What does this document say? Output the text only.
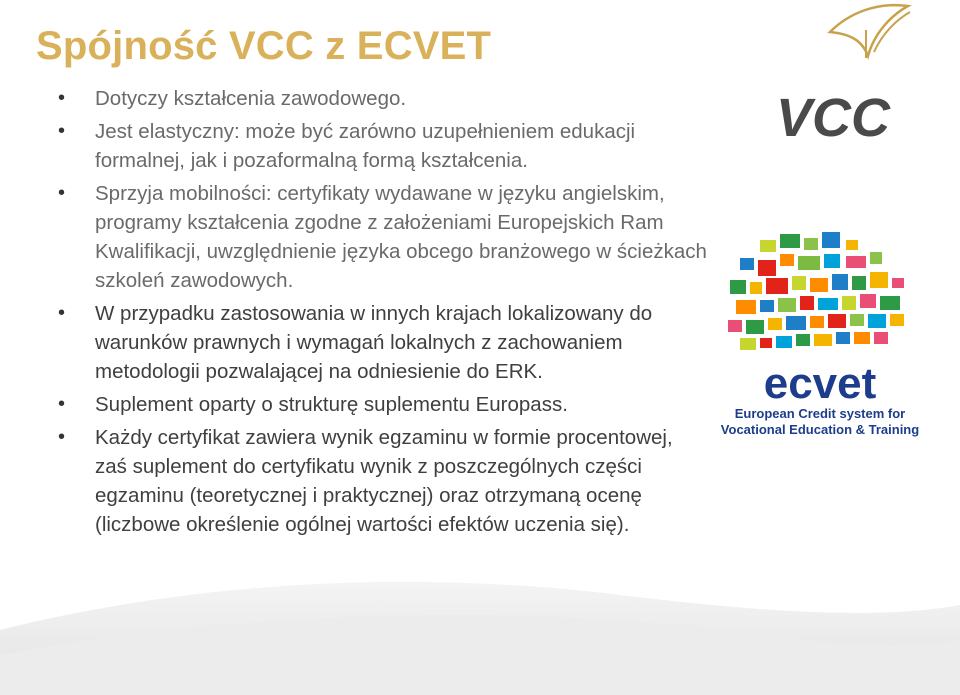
Spójność VCC z ECVET
• Dotyczy kształcenia zawodowego.
• Jest elastyczny: może być zarówno uzupełnieniem edukacji formalnej, jak i pozaformalną formą kształcenia.
• Sprzyja mobilności: certyfikaty wydawane w języku angielskim, programy kształcenia zgodne z założeniami Europejskich Ram Kwalifikacji, uwzględnienie języka obcego branżowego w ścieżkach szkoleń zawodowych.
• W przypadku zastosowania w innych krajach lokalizowany do warunków prawnych i wymagań lokalnych z zachowaniem metodologii pozwalającej na odniesienie do ERK.
• Suplement oparty o strukturę suplementu Europass.
• Każdy certyfikat zawiera wynik egzaminu w formie procentowej, zaś suplement do certyfikatu wynik z poszczególnych części egzaminu (teoretycznej i praktycznej) oraz otrzymaną ocenę (liczbowe określenie ogólnej wartości efektów uczenia się).
VCC
ecvet
European Credit system for
Vocational Education & Training
